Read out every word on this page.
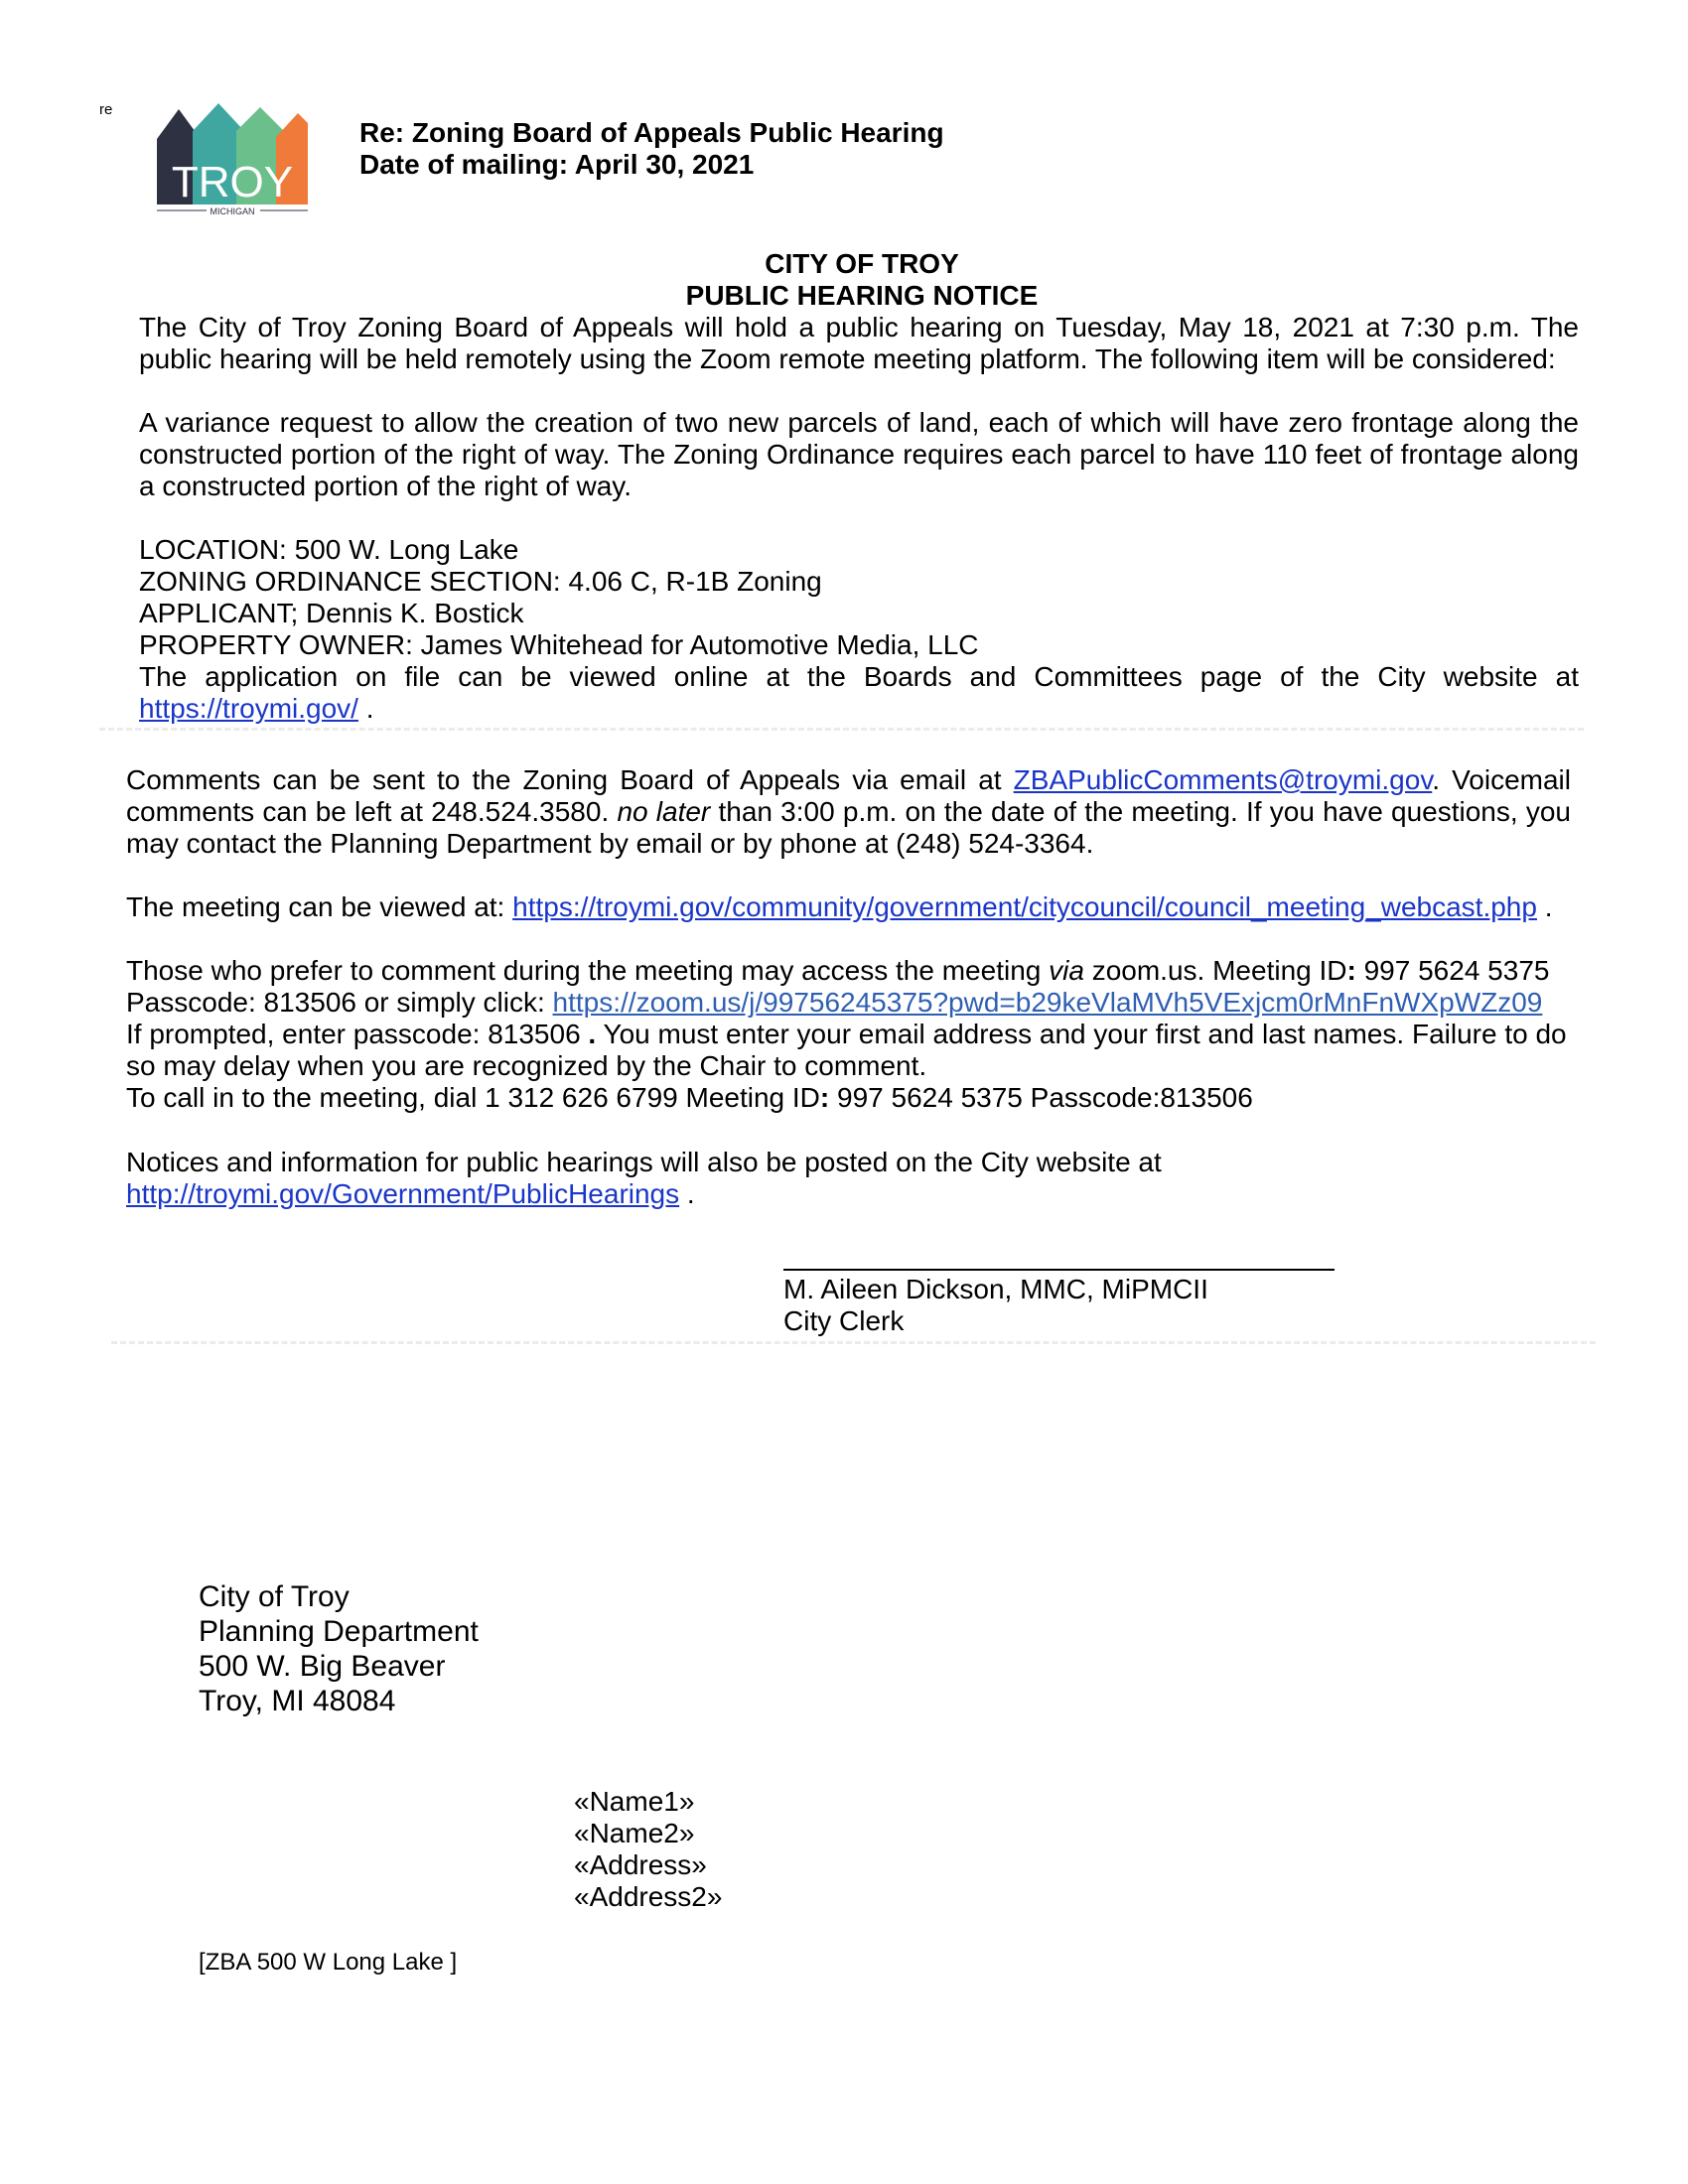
re
TROY
MICHIGAN
Re: Zoning Board of Appeals Public Hearing
Date of mailing: April 30, 2021
CITY OF TROY
PUBLIC HEARING NOTICE
The City of Troy Zoning Board of Appeals will hold a public hearing on Tuesday, May 18, 2021 at 7:30 p.m. The public hearing will be held remotely using the Zoom remote meeting platform. The following item will be considered:
A variance request to allow the creation of two new parcels of land, each of which will have zero frontage along the constructed portion of the right of way. The Zoning Ordinance requires each parcel to have 110 feet of frontage along a constructed portion of the right of way.
LOCATION: 500 W. Long Lake
ZONING ORDINANCE SECTION: 4.06 C, R-1B Zoning
APPLICANT; Dennis K. Bostick
PROPERTY OWNER: James Whitehead for Automotive Media, LLC
The application on file can be viewed online at the Boards and Committees page of the City website at
https://troymi.gov/ .
Comments can be sent to the Zoning Board of Appeals via email at ZBAPublicComments@troymi.gov. Voicemail comments can be left at 248.524.3580. no later than 3:00 p.m. on the date of the meeting. If you have questions, you may contact the Planning Department by email or by phone at (248) 524-3364.
The meeting can be viewed at: https://troymi.gov/community/government/citycouncil/council_meeting_webcast.php .
Those who prefer to comment during the meeting may access the meeting via zoom.us. Meeting ID: 997 5624 5375
Passcode: 813506 or simply click: https://zoom.us/j/99756245375?pwd=b29keVlaMVh5VExjcm0rMnFnWXpWZz09
If prompted, enter passcode: 813506 . You must enter your email address and your first and last names. Failure to do
so may delay when you are recognized by the Chair to comment.
To call in to the meeting, dial 1 312 626 6799 Meeting ID: 997 5624 5375 Passcode:813506
Notices and information for public hearings will also be posted on the City website at
http://troymi.gov/Government/PublicHearings .
M. Aileen Dickson, MMC, MiPMCII
City Clerk
City of Troy
Planning Department
500 W. Big Beaver
Troy, MI 48084
«Name1»
«Name2»
«Address»
«Address2»
[ZBA 500 W Long Lake ]
